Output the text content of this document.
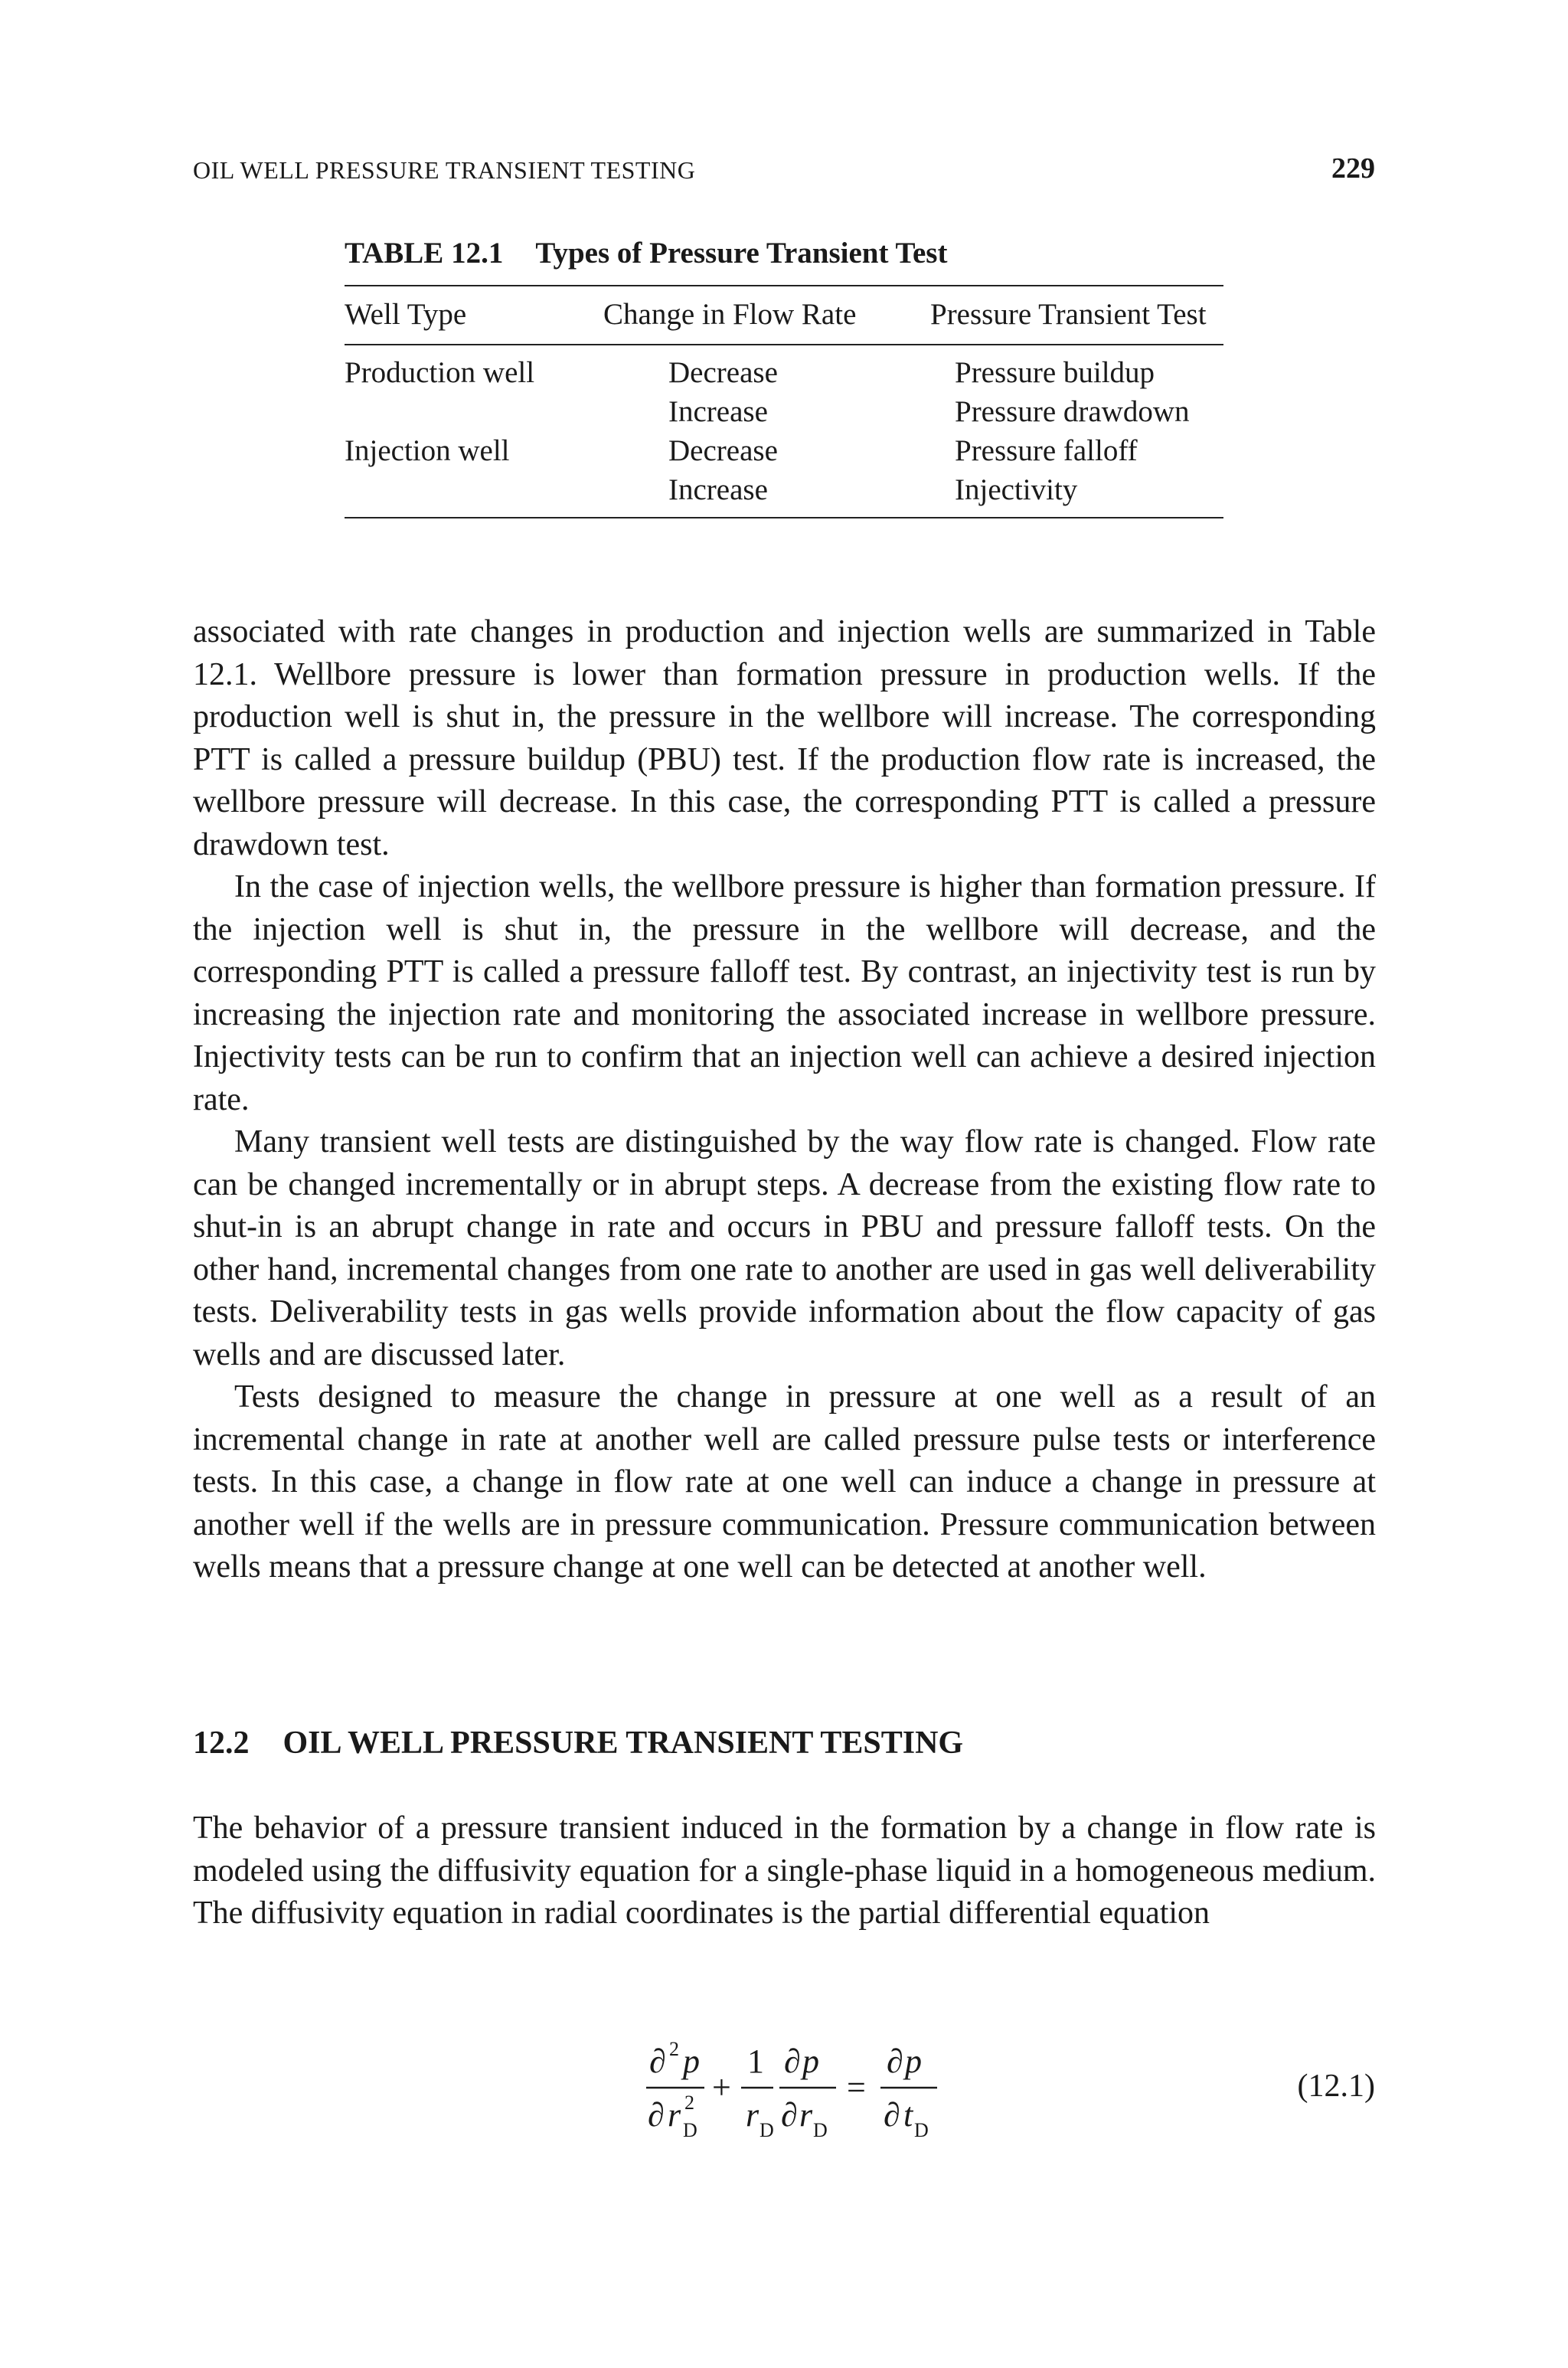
OIL WELL PRESSURE TRANSIENT TESTING	229
TABLE 12.1 Types of Pressure Transient Test
Well Type	Change in Flow Rate	Pressure Transient Test
Production well	Decrease	Pressure buildup
	Increase	Pressure drawdown
Injection well	Decrease	Pressure falloff
	Increase	Injectivity

associated with rate changes in production and injection wells are summarized in Table 12.1. Wellbore pressure is lower than formation pressure in production wells. If the production well is shut in, the pressure in the wellbore will increase. The corresponding PTT is called a pressure buildup (PBU) test. If the production flow rate is increased, the wellbore pressure will decrease. In this case, the corresponding PTT is called a pressure drawdown test.

In the case of injection wells, the wellbore pressure is higher than formation pressure. If the injection well is shut in, the pressure in the wellbore will decrease, and the corresponding PTT is called a pressure falloff test. By contrast, an injectivity test is run by increasing the injection rate and monitoring the associated increase in wellbore pressure. Injectivity tests can be run to confirm that an injection well can achieve a desired injection rate.

Many transient well tests are distinguished by the way flow rate is changed. Flow rate can be changed incrementally or in abrupt steps. A decrease from the existing flow rate to shut-in is an abrupt change in rate and occurs in PBU and pressure falloff tests. On the other hand, incremental changes from one rate to another are used in gas well deliverability tests. Deliverability tests in gas wells provide information about the flow capacity of gas wells and are discussed later.

Tests designed to measure the change in pressure at one well as a result of an incremental change in rate at another well are called pressure pulse tests or interference tests. In this case, a change in flow rate at one well can induce a change in pressure at another well if the wells are in pressure communication. Pressure communication between wells means that a pressure change at one well can be detected at another well.

12.2 OIL WELL PRESSURE TRANSIENT TESTING

The behavior of a pressure transient induced in the formation by a change in flow rate is modeled using the diffusivity equation for a single-phase liquid in a homogeneous medium. The diffusivity equation in radial coordinates is the partial differential equation

∂ 2 p
∂ r 2
D
+
1
r D
∂ p
∂ r D
=
∂ p
∂ t D
(12.1)
